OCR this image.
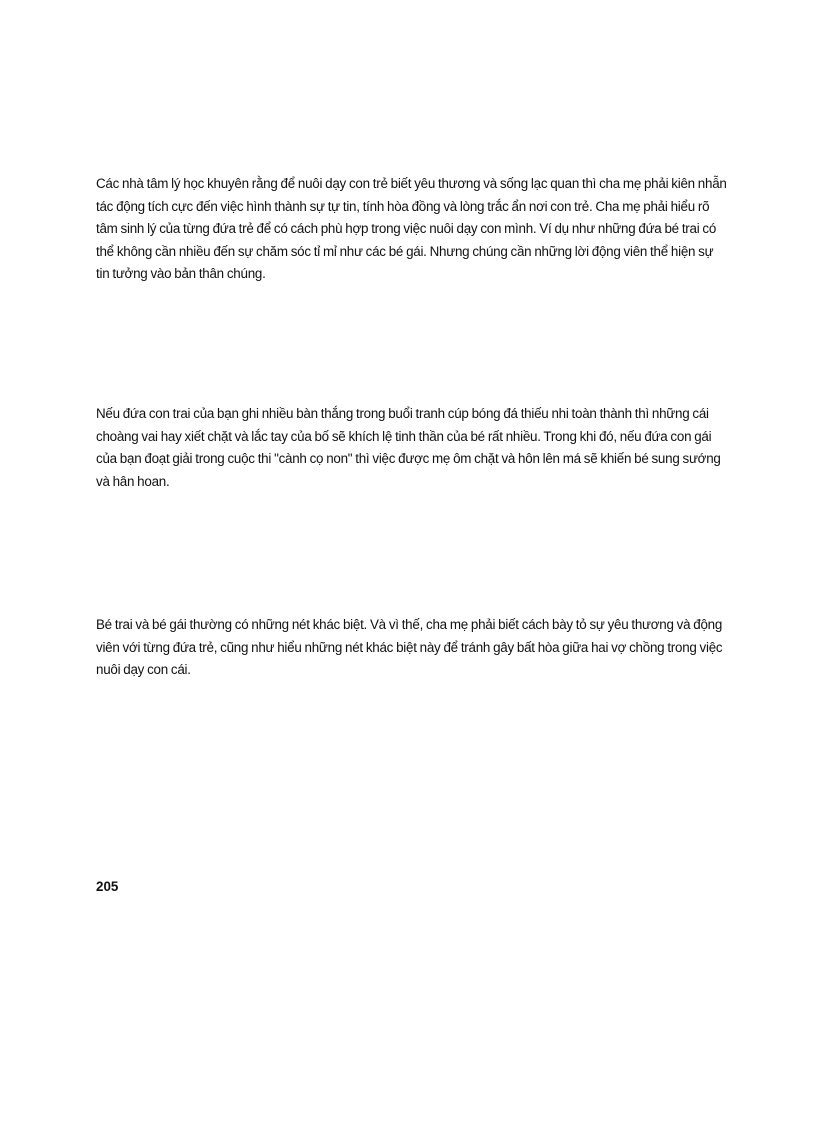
Các nhà tâm lý học khuyên rằng để nuôi dạy con trẻ biết yêu thương và sống lạc quan thì cha mẹ phải kiên nhẫn tác động tích cực đến việc hình thành sự tự tin, tính hòa đồng và lòng trắc ẩn nơi con trẻ. Cha mẹ phải hiểu rõ tâm sinh lý của từng đứa trẻ để có cách phù hợp trong việc nuôi dạy con mình. Ví dụ như những đứa bé trai có thể không cần nhiều đến sự chăm sóc tỉ mỉ như các bé gái. Nhưng chúng cần những lời động viên thể hiện sự tin tưởng vào bản thân chúng.

Nếu đứa con trai của bạn ghi nhiều bàn thắng trong buổi tranh cúp bóng đá thiếu nhi toàn thành thì những cái choàng vai hay xiết chặt và lắc tay của bố sẽ khích lệ tinh thần của bé rất nhiều. Trong khi đó, nếu đứa con gái của bạn đoạt giải trong cuộc thi "cành cọ non" thì việc được mẹ ôm chặt và hôn lên má sẽ khiến bé sung sướng và hân hoan.

Bé trai và bé gái thường có những nét khác biệt. Và vì thế, cha mẹ phải biết cách bày tỏ sự yêu thương và động viên với từng đứa trẻ, cũng như hiểu những nét khác biệt này để tránh gây bất hòa giữa hai vợ chồng trong việc nuôi dạy con cái.

205
